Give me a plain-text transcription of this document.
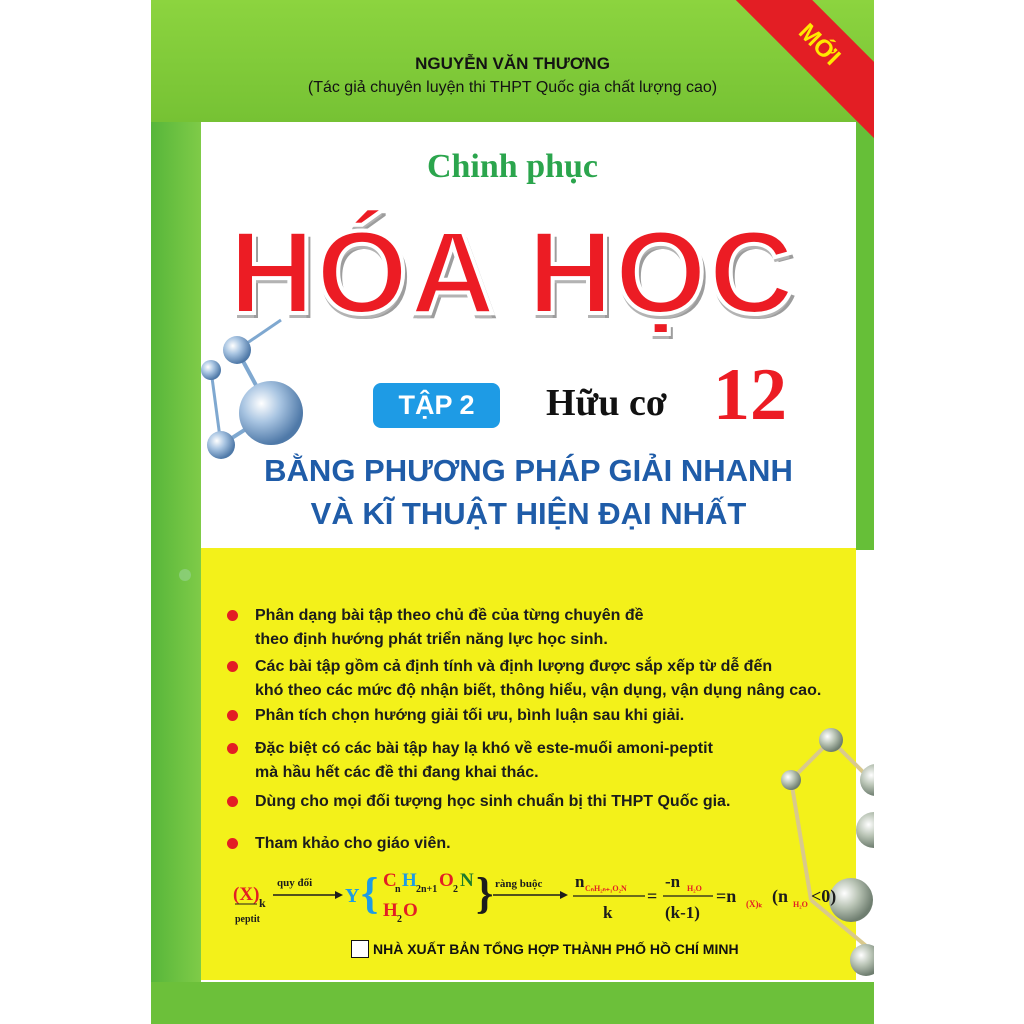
NGUYỄN VĂN THƯƠNG
(Tác giả chuyên luyện thi THPT Quốc gia chất lượng cao)
MỚI
Chinh phục
HÓA HỌC
TẬP 2 Hữu cơ 12
BẰNG PHƯƠNG PHÁP GIẢI NHANH
VÀ KĨ THUẬT HIỆN ĐẠI NHẤT
Phân dạng bài tập theo chủ đề của từng chuyên đề
theo định hướng phát triển năng lực học sinh.
Các bài tập gồm cả định tính và định lượng được sắp xếp từ dễ đến
khó theo các mức độ nhận biết, thông hiểu, vận dụng, vận dụng nâng cao.
Phân tích chọn hướng giải tối ưu, bình luận sau khi giải.
Đặc biệt có các bài tập hay lạ khó về este-muối amoni-peptit
mà hầu hết các đề thi đang khai thác.
Dùng cho mọi đối tượng học sinh chuẩn bị thi THPT Quốc gia.
Tham khảo cho giáo viên.
(X) k
peptit
quy đổi
Y { C
n H 2n+1 O 2 N
H 2 O } ràng buộc n CₙH₂ₙ₊₁O₂N
k
=
-n H₂O
(k-1)
=n (X)ₖ (n H₂O <0)
NHÀ XUẤT BẢN TỔNG HỢP THÀNH PHỐ HỒ CHÍ MINH
